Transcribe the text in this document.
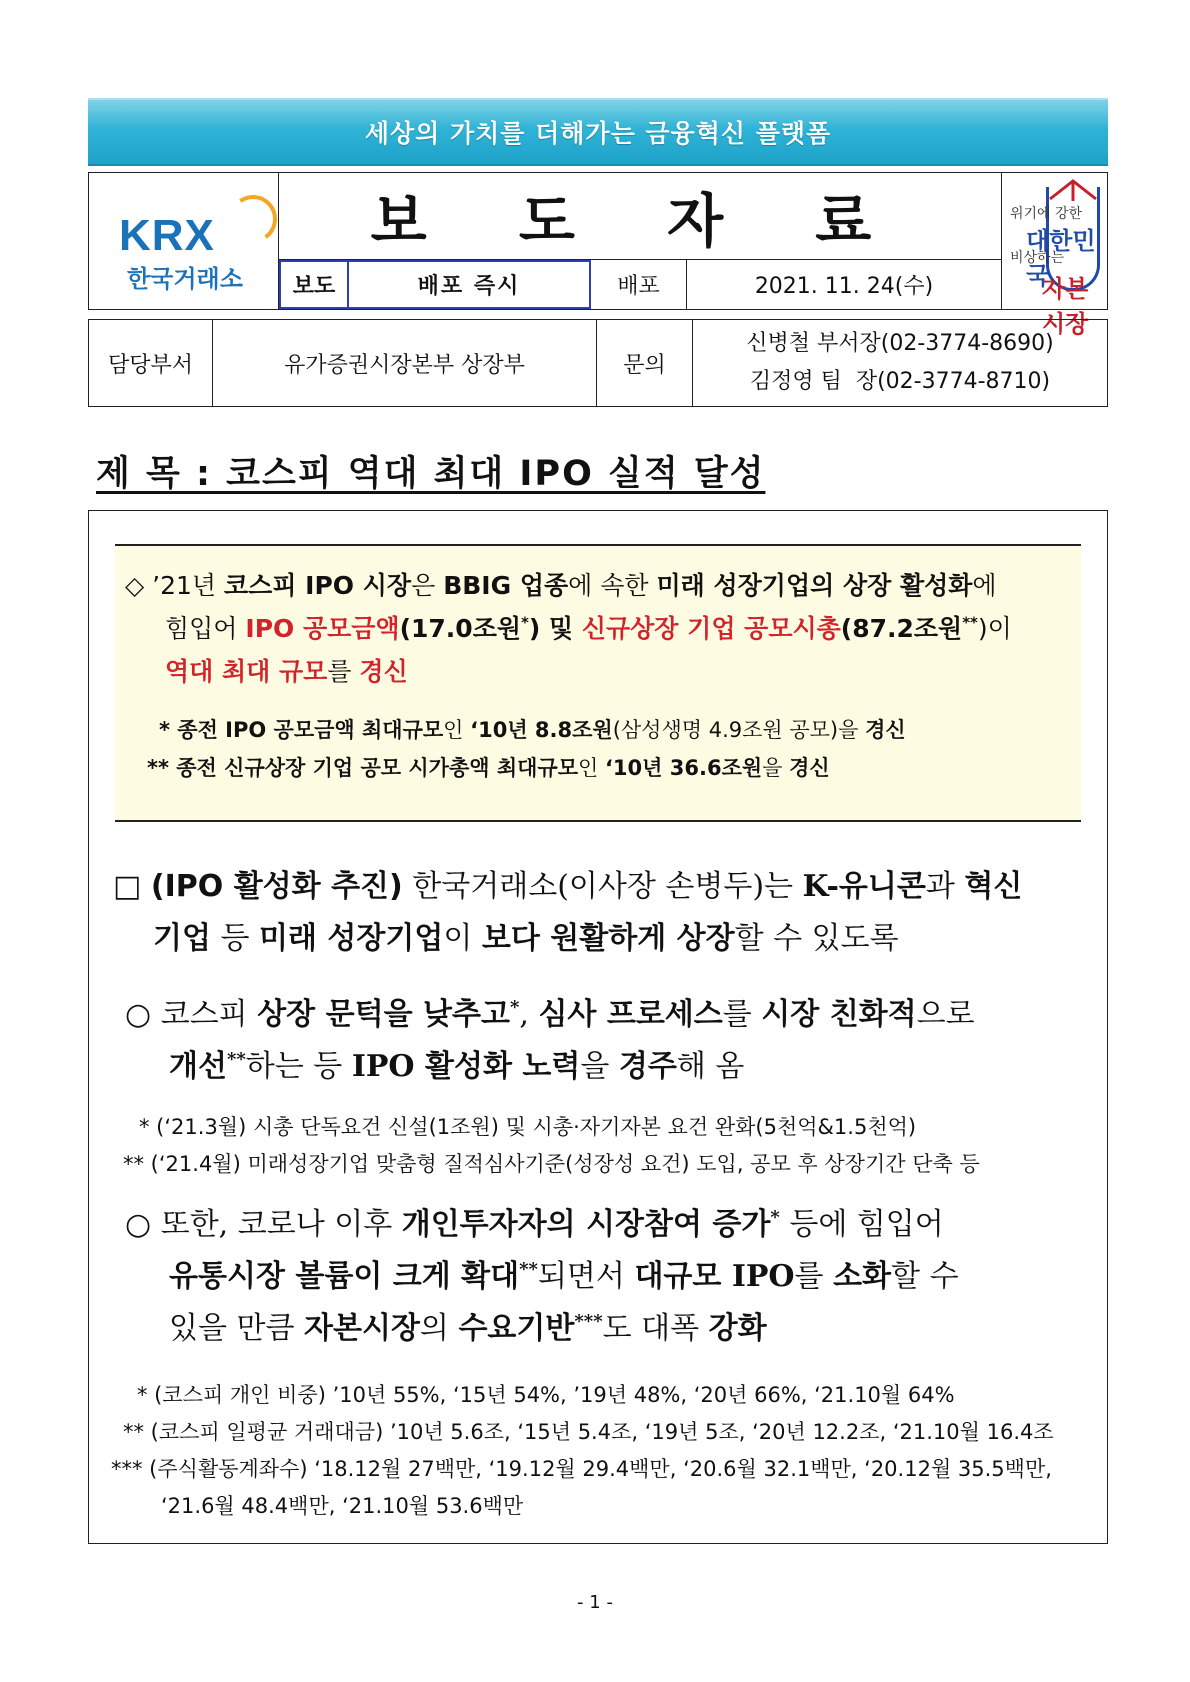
세상의 가치를 더해가는 금융혁신 플랫폼
KRX
한국거래소
보 도 자 료	위기에 강한
대한민국
비상하는
자본시장
보도	배포 즉시	배포	2021. 11. 24(수)
담당부서	유가증권시장본부 상장부	문의
신병철 부서장(02-3774-8690)
김정영 팀  장(02-3774-8710)
제 목 : 코스피 역대 최대 IPO 실적 달성
◇ ’21년 코스피 IPO 시장은 BBIG 업종에 속한 미래 성장기업의 상장 활성화에
힘입어 IPO 공모금액(17.0조원*) 및 신규상장 기업 공모시총(87.2조원**)이
역대 최대 규모를 경신
* 종전 IPO 공모금액 최대규모인 ‘10년 8.8조원(삼성생명 4.9조원 공모)을 경신
** 종전 신규상장 기업 공모 시가총액 최대규모인 ‘10년 36.6조원을 경신
□ (IPO 활성화 추진) 한국거래소(이사장 손병두)는 K-유니콘과 혁신
기업 등 미래 성장기업이 보다 원활하게 상장할 수 있도록
○ 코스피 상장 문턱을 낮추고*, 심사 프로세스를 시장 친화적으로
개선**하는 등 IPO 활성화 노력을 경주해 옴
* (‘21.3월) 시총 단독요건 신설(1조원) 및 시총·자기자본 요건 완화(5천억&1.5천억)
** (‘21.4월) 미래성장기업 맞춤형 질적심사기준(성장성 요건) 도입, 공모 후 상장기간 단축 등
○ 또한, 코로나 이후 개인투자자의 시장참여 증가* 등에 힘입어
유통시장 볼륨이 크게 확대**되면서 대규모 IPO를 소화할 수
있을 만큼 자본시장의 수요기반***도 대폭 강화
* (코스피 개인 비중) ’10년 55%, ‘15년 54%, ’19년 48%, ‘20년 66%, ‘21.10월 64%
** (코스피 일평균 거래대금) ’10년 5.6조, ‘15년 5.4조, ‘19년 5조, ‘20년 12.2조, ‘21.10월 16.4조
*** (주식활동계좌수) ‘18.12월 27백만, ‘19.12월 29.4백만, ‘20.6월 32.1백만, ‘20.12월 35.5백만,
‘21.6월 48.4백만, ‘21.10월 53.6백만
- 1 -
